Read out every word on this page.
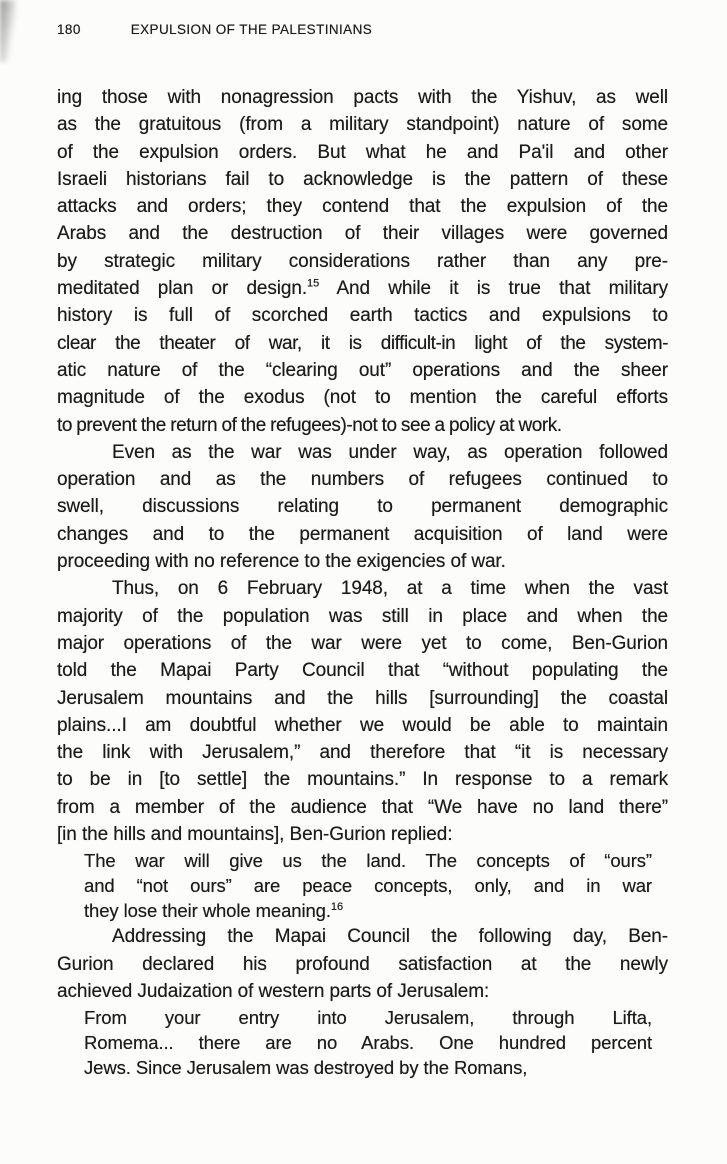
180	EXPULSION OF THE PALESTINIANS
ing those with nonagression pacts with the Yishuv, as well
as the gratuitous (from a military standpoint) nature of some
of the expulsion orders. But what he and Pa'il and other
Israeli historians fail to acknowledge is the pattern of these
attacks and orders; they contend that the expulsion of the
Arabs and the destruction of their villages were governed
by strategic military considerations rather than any pre-
meditated plan or design.$^{15}$ And while it is true that military
history is full of scorched earth tactics and expulsions to
clear the theater of war, it is difficult-in light of the system-
atic nature of the “clearing out” operations and the sheer
magnitude of the exodus (not to mention the careful efforts
to prevent the return of the refugees)-not to see a policy at work.
Even as the war was under way, as operation followed
operation and as the numbers of refugees continued to
swell, discussions relating to permanent demographic
changes and to the permanent acquisition of land were
proceeding with no reference to the exigencies of war.
Thus, on 6 February 1948, at a time when the vast
majority of the population was still in place and when the
major operations of the war were yet to come, Ben-Gurion
told the Mapai Party Council that “without populating the
Jerusalem mountains and the hills [surrounding] the coastal
plains...I am doubtful whether we would be able to maintain
the link with Jerusalem,” and therefore that “it is necessary
to be in [to settle] the mountains.” In response to a remark
from a member of the audience that “We have no land there”
[in the hills and mountains], Ben-Gurion replied:
The war will give us the land. The concepts of “ours”
and “not ours” are peace concepts, only, and in war
they lose their whole meaning.$^{16}$
Addressing the Mapai Council the following day, Ben-
Gurion declared his profound satisfaction at the newly
achieved Judaization of western parts of Jerusalem:
From your entry into Jerusalem, through Lifta,
Romema... there are no Arabs. One hundred percent
Jews. Since Jerusalem was destroyed by the Romans,
